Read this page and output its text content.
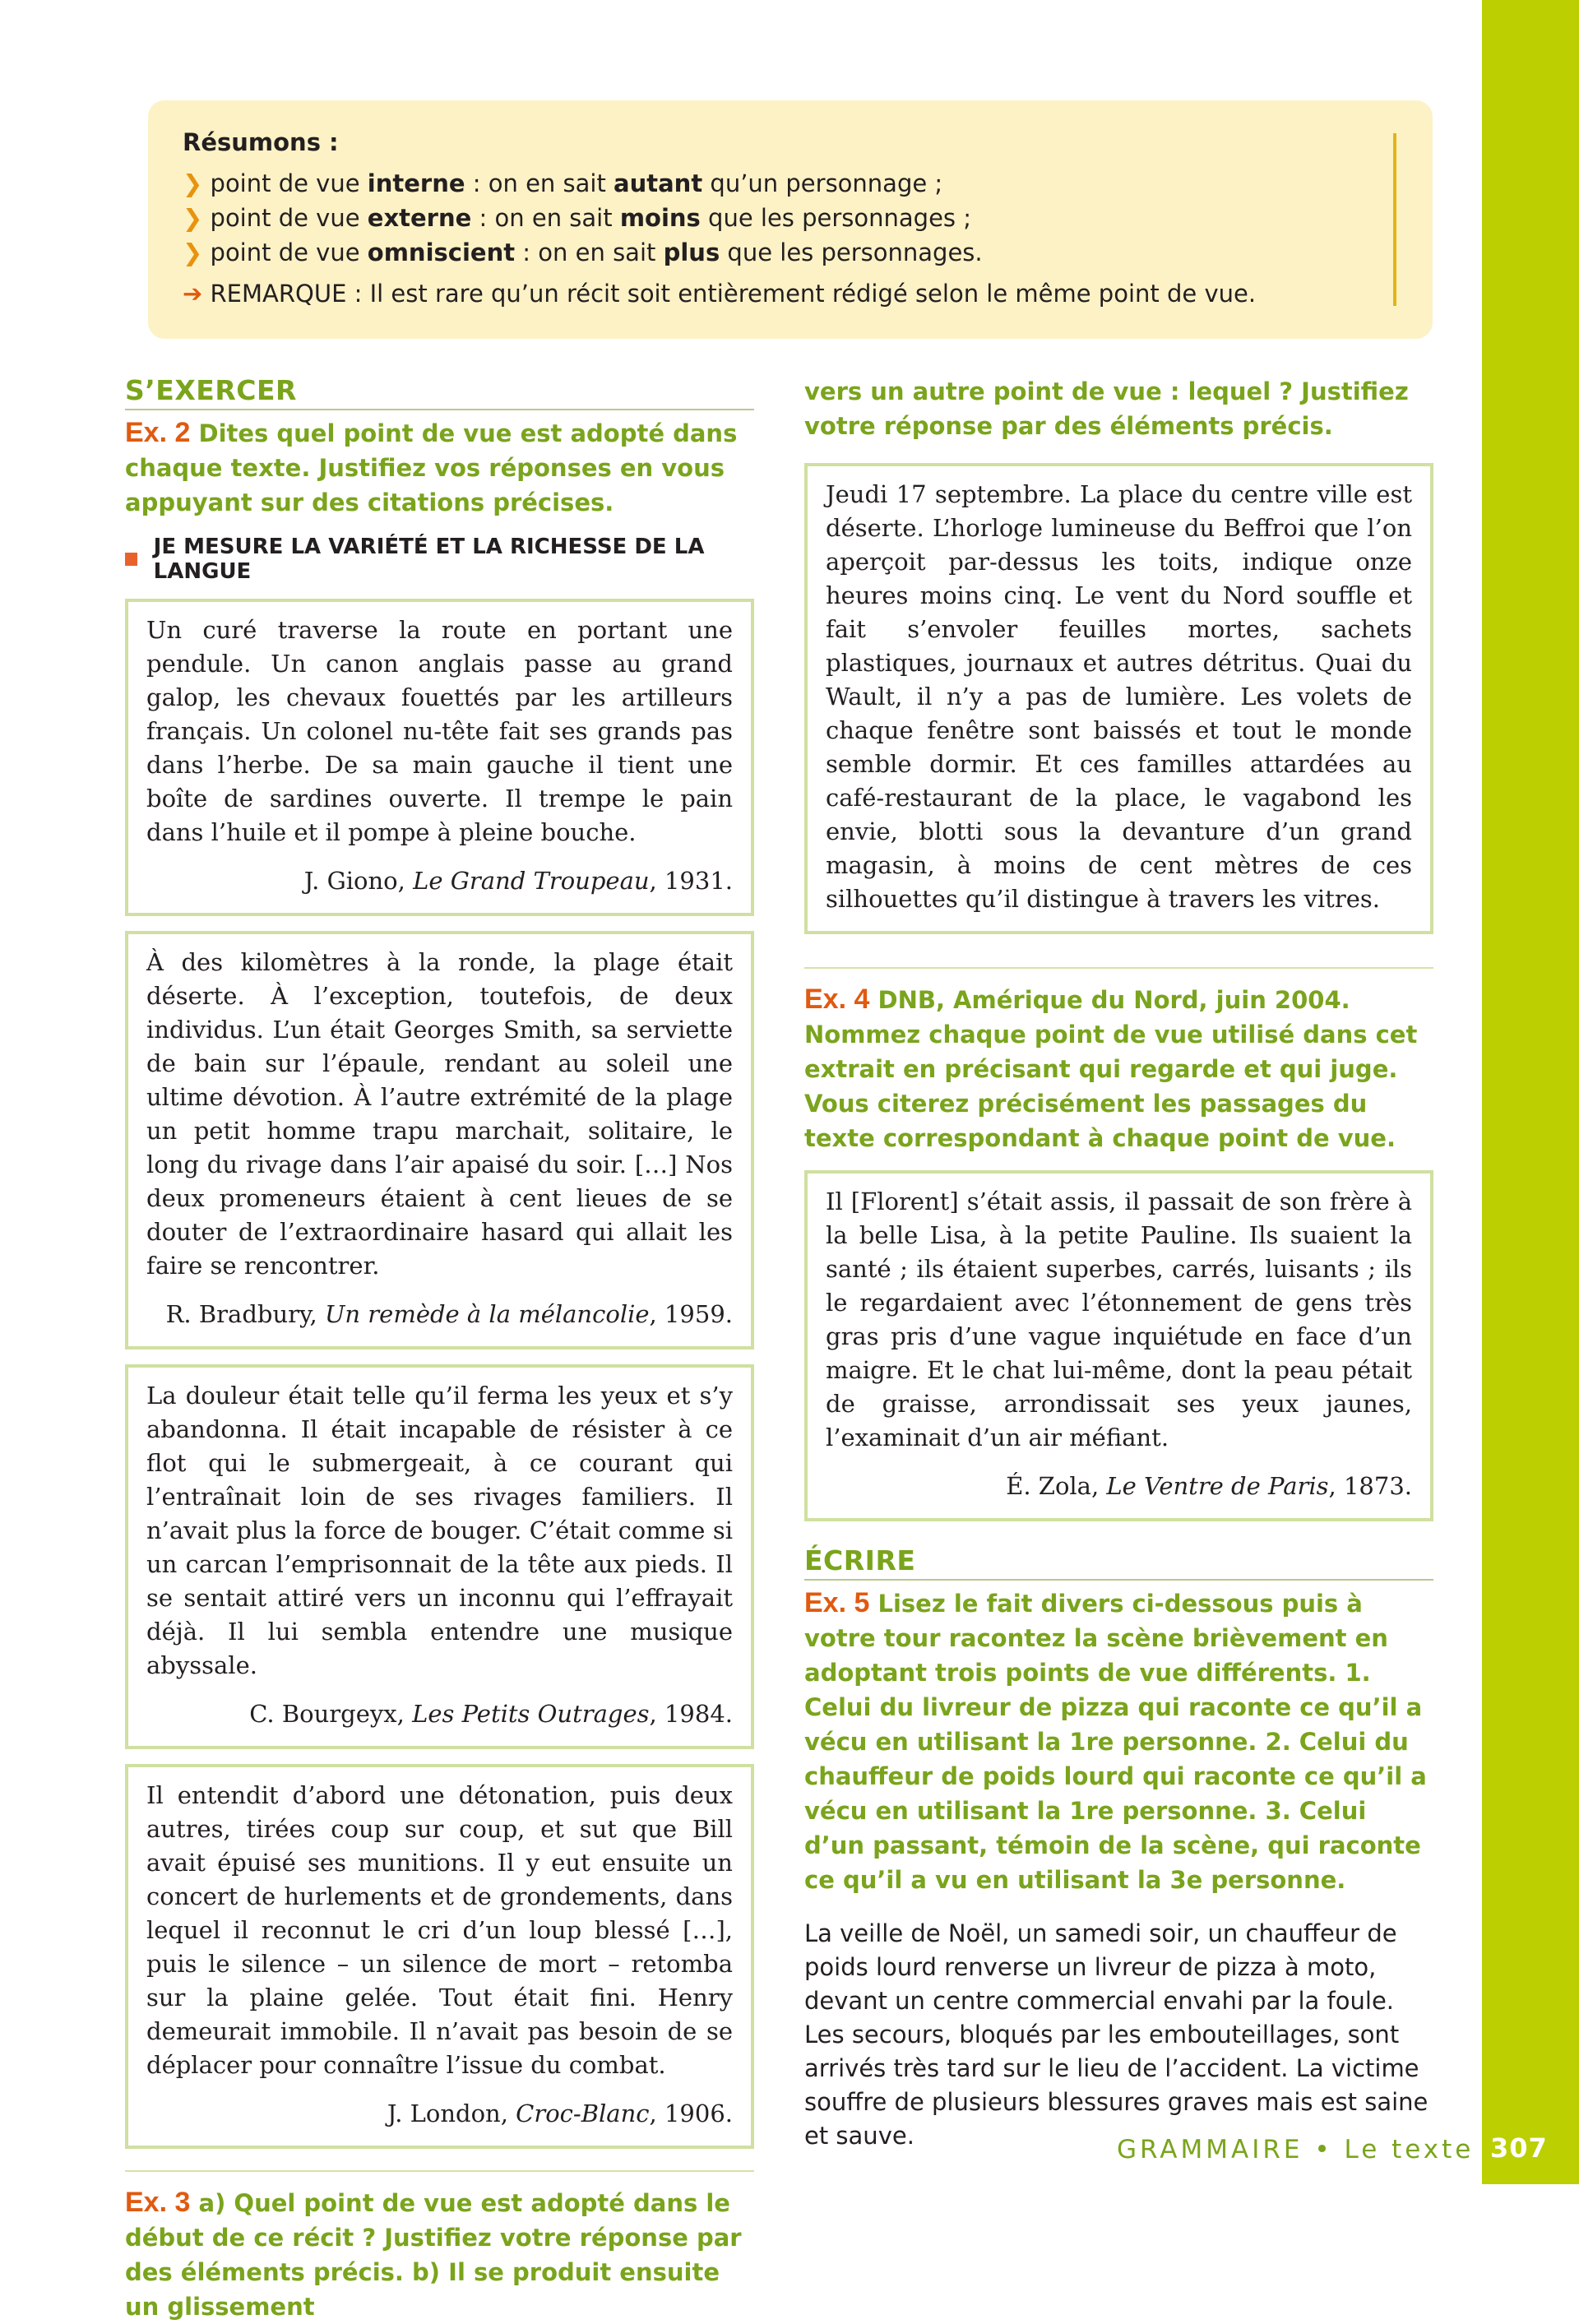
Résumons :
❯ point de vue interne : on en sait autant qu’un personnage ;
❯ point de vue externe : on en sait moins que les personnages ;
❯ point de vue omniscient : on en sait plus que les personnages.
➔ REMARQUE : Il est rare qu’un récit soit entièrement rédigé selon le même point de vue.
S’EXERCER
Ex. 2 Dites quel point de vue est adopté dans chaque texte. Justifiez vos réponses en vous appuyant sur des citations précises.
JE MESURE LA VARIÉTÉ ET LA RICHESSE DE LA LANGUE
Un curé traverse la route en portant une pendule. Un canon anglais passe au grand galop, les chevaux fouettés par les artilleurs français. Un colonel nu-tête fait ses grands pas dans l’herbe. De sa main gauche il tient une boîte de sardines ouverte. Il trempe le pain dans l’huile et il pompe à pleine bouche.
J. Giono, Le Grand Troupeau, 1931.
À des kilomètres à la ronde, la plage était déserte. À l’exception, toutefois, de deux individus. L’un était Georges Smith, sa serviette de bain sur l’épaule, rendant au soleil une ultime dévotion. À l’autre extrémité de la plage un petit homme trapu marchait, solitaire, le long du rivage dans l’air apaisé du soir. […] Nos deux promeneurs étaient à cent lieues de se douter de l’extraordinaire hasard qui allait les faire se rencontrer.
R. Bradbury, Un remède à la mélancolie, 1959.
La douleur était telle qu’il ferma les yeux et s’y abandonna. Il était incapable de résister à ce flot qui le submergeait, à ce courant qui l’entraînait loin de ses rivages familiers. Il n’avait plus la force de bouger. C’était comme si un carcan l’emprisonnait de la tête aux pieds. Il se sentait attiré vers un inconnu qui l’effrayait déjà. Il lui sembla entendre une musique abyssale.
C. Bourgeyx, Les Petits Outrages, 1984.
Il entendit d’abord une détonation, puis deux autres, tirées coup sur coup, et sut que Bill avait épuisé ses munitions. Il y eut ensuite un concert de hurlements et de grondements, dans lequel il reconnut le cri d’un loup blessé […], puis le silence – un silence de mort – retomba sur la plaine gelée. Tout était fini. Henry demeurait immobile. Il n’avait pas besoin de se déplacer pour connaître l’issue du combat.
J. London, Croc-Blanc, 1906.
Ex. 3 a) Quel point de vue est adopté dans le début de ce récit ? Justifiez votre réponse par des éléments précis. b) Il se produit ensuite un glissement
vers un autre point de vue : lequel ? Justifiez votre réponse par des éléments précis.
Jeudi 17 septembre. La place du centre ville est déserte. L’horloge lumineuse du Beffroi que l’on aperçoit par-dessus les toits, indique onze heures moins cinq. Le vent du Nord souffle et fait s’envoler feuilles mortes, sachets plastiques, journaux et autres détritus. Quai du Wault, il n’y a pas de lumière. Les volets de chaque fenêtre sont baissés et tout le monde semble dormir. Et ces familles attardées au café-restaurant de la place, le vagabond les envie, blotti sous la devanture d’un grand magasin, à moins de cent mètres de ces silhouettes qu’il distingue à travers les vitres.
Ex. 4 DNB, Amérique du Nord, juin 2004. Nommez chaque point de vue utilisé dans cet extrait en précisant qui regarde et qui juge. Vous citerez précisément les passages du texte correspondant à chaque point de vue.
Il [Florent] s’était assis, il passait de son frère à la belle Lisa, à la petite Pauline. Ils suaient la santé ; ils étaient superbes, carrés, luisants ; ils le regardaient avec l’étonnement de gens très gras pris d’une vague inquiétude en face d’un maigre. Et le chat lui-même, dont la peau pétait de graisse, arrondissait ses yeux jaunes, l’examinait d’un air méfiant.
É. Zola, Le Ventre de Paris, 1873.
ÉCRIRE
Ex. 5 Lisez le fait divers ci-dessous puis à votre tour racontez la scène brièvement en adoptant trois points de vue différents. 1. Celui du livreur de pizza qui raconte ce qu’il a vécu en utilisant la 1re personne. 2. Celui du chauffeur de poids lourd qui raconte ce qu’il a vécu en utilisant la 1re personne. 3. Celui d’un passant, témoin de la scène, qui raconte ce qu’il a vu en utilisant la 3e personne.
La veille de Noël, un samedi soir, un chauffeur de poids lourd renverse un livreur de pizza à moto, devant un centre commercial envahi par la foule. Les secours, bloqués par les embouteillages, sont arrivés très tard sur le lieu de l’accident. La victime souffre de plusieurs blessures graves mais est saine et sauve.	GRAMMAIRE • Le texte 307
